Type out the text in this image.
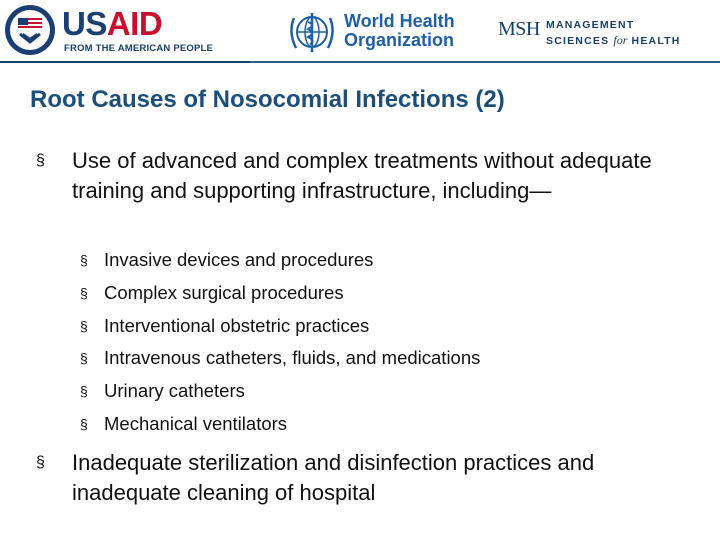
USAID
FROM THE AMERICAN PEOPLE
World Health
Organization MSH MANAGEMENT
SCIENCES for HEALTH
Root Causes of Nosocomial Infections (2)
§	Use of advanced and complex treatments without adequate training and supporting infrastructure, including—
§ Invasive devices and procedures
§ Complex surgical procedures
§ Interventional obstetric practices
§ Intravenous catheters, fluids, and medications
§ Urinary catheters
§ Mechanical ventilators
§	Inadequate sterilization and disinfection practices and inadequate cleaning of hospital
